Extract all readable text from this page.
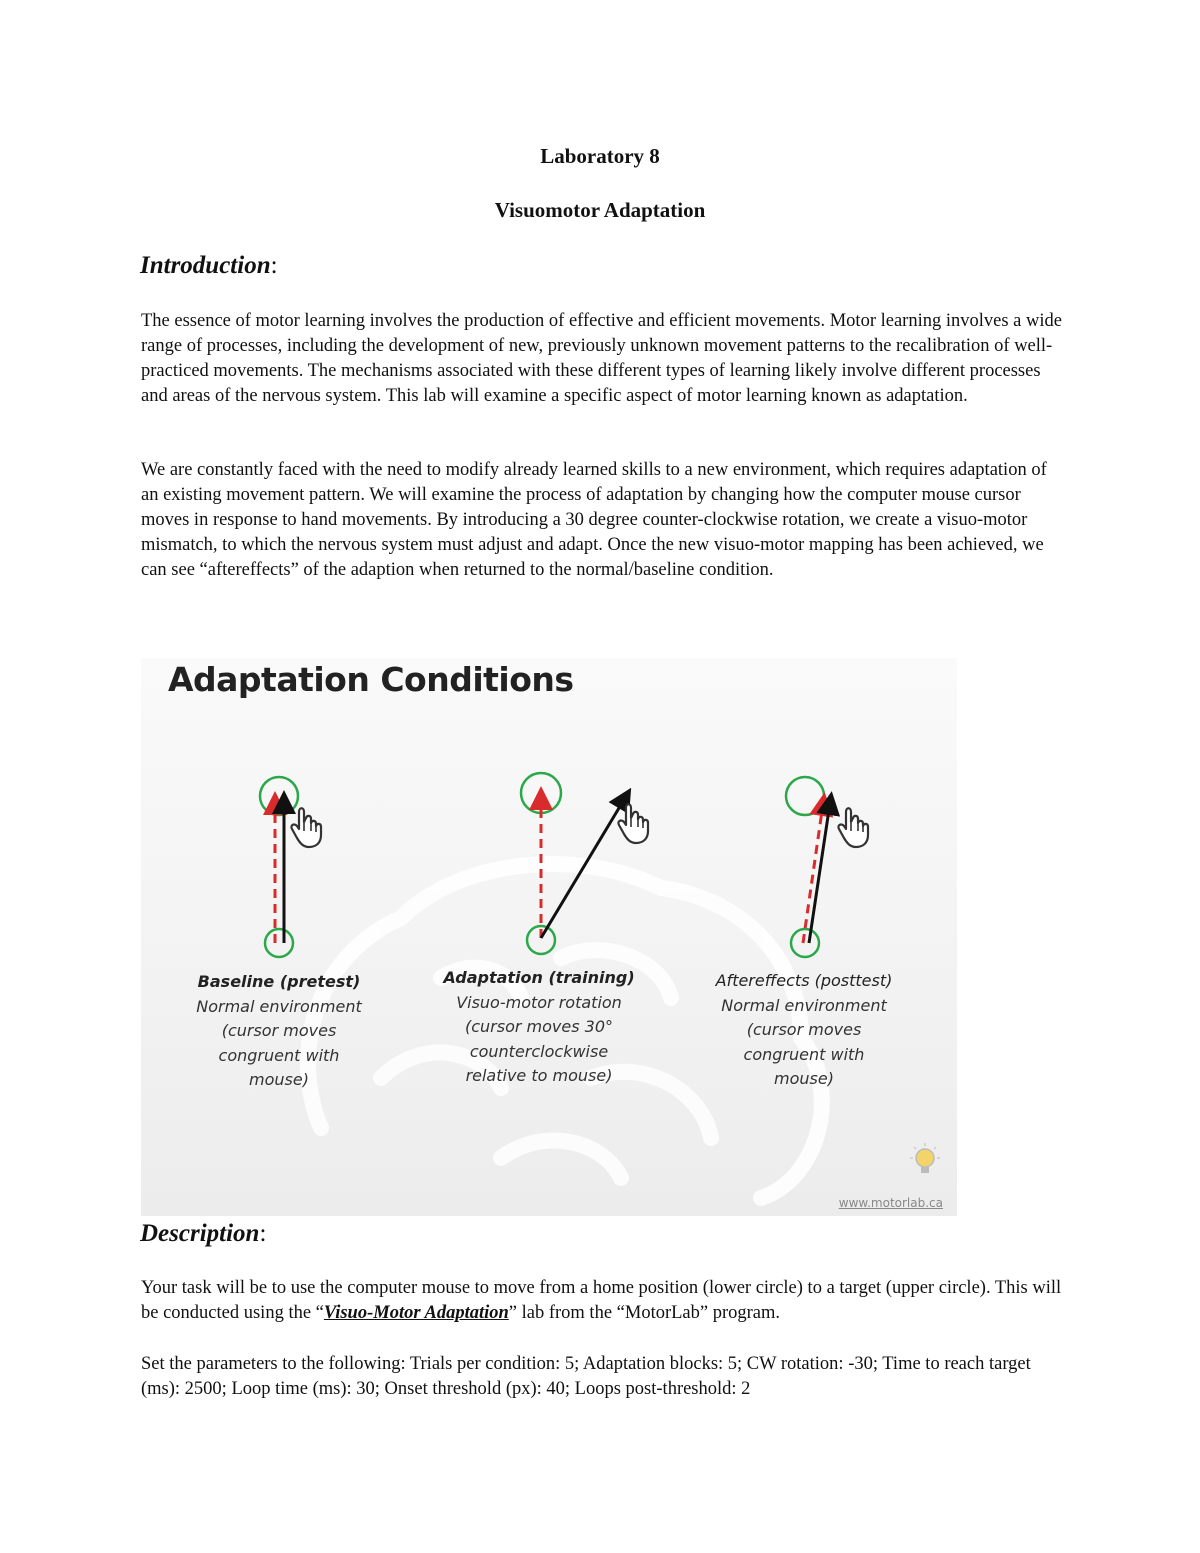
Laboratory 8
Visuomotor Adaptation
Introduction:
The essence of motor learning involves the production of effective and efficient movements. Motor learning involves a wide range of processes, including the development of new, previously unknown movement patterns to the recalibration of well-practiced movements. The mechanisms associated with these different types of learning likely involve different processes and areas of the nervous system. This lab will examine a specific aspect of motor learning known as adaptation.
We are constantly faced with the need to modify already learned skills to a new environment, which requires adaptation of an existing movement pattern. We will examine the process of adaptation by changing how the computer mouse cursor moves in response to hand movements. By introducing a 30 degree counter-clockwise rotation, we create a visuo-motor mismatch, to which the nervous system must adjust and adapt. Once the new visuo-motor mapping has been achieved, we can see “aftereffects” of the adaption when returned to the normal/baseline condition.
Adaptation Conditions
Baseline (pretest)
Normal environment
(cursor moves
congruent with
mouse)
Adaptation (training)
Visuo-motor rotation
(cursor moves 30°
counterclockwise
relative to mouse)
Aftereffects (posttest)
Normal environment
(cursor moves
congruent with
mouse)
www.motorlab.ca
Description:
Your task will be to use the computer mouse to move from a home position (lower circle) to a target (upper circle). This will be conducted using the “Visuo-Motor Adaptation” lab from the “MotorLab” program.
Set the parameters to the following: Trials per condition: 5; Adaptation blocks: 5; CW rotation: -30; Time to reach target (ms): 2500; Loop time (ms): 30; Onset threshold (px): 40; Loops post-threshold: 2
